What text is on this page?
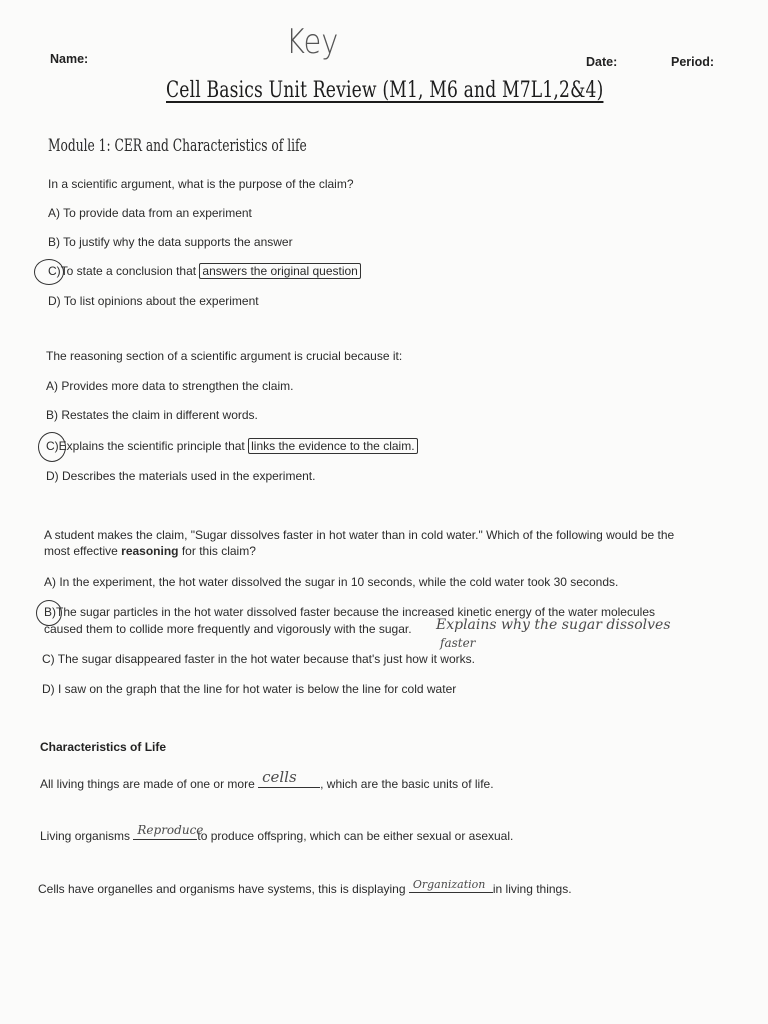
Name:	Key	Date:	Period:
Cell Basics Unit Review (M1, M6 and M7L1,2&4)
Module 1: CER and Characteristics of life
In a scientific argument, what is the purpose of the claim?
A) To provide data from an experiment
B) To justify why the data supports the answer
C)To state a conclusion that answers the original question
D) To list opinions about the experiment
The reasoning section of a scientific argument is crucial because it:
A) Provides more data to strengthen the claim.
B) Restates the claim in different words.
C)Explains the scientific principle that links the evidence to the claim.
D) Describes the materials used in the experiment.
A student makes the claim, "Sugar dissolves faster in hot water than in cold water." Which of the following would be the
most effective reasoning for this claim?
A) In the experiment, the hot water dissolved the sugar in 10 seconds, while the cold water took 30 seconds.
B)The sugar particles in the hot water dissolved faster because the increased kinetic energy of the water molecules
caused them to collide more frequently and vigorously with the sugar. Explains why the sugar dissolves
faster
C) The sugar disappeared faster in the hot water because that's just how it works.
D) I saw on the graph that the line for hot water is below the line for cold water
Characteristics of Life
All living things are made of one or more cells , which are the basic units of life.
Living organisms Reproduce
to produce offspring, which can be either sexual or asexual.
Cells have organelles and organisms have systems, this is displaying Organization in living things.
